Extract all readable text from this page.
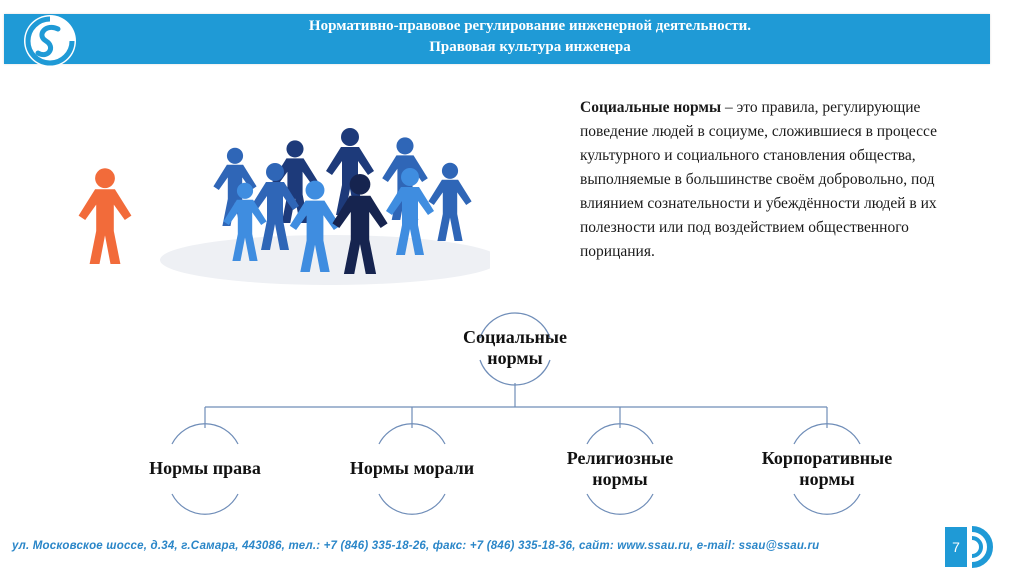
Нормативно-правовое регулирование инженерной деятельности.
Правовая культура инженера
Социальные нормы – это правила, регулирующие поведение людей в социуме, сложившиеся в процессе культурного и социального становления общества, выполняемые в большинстве своём добровольно, под влиянием сознательности и убеждённости людей в их полезности или под воздействием общественного порицания.
Социальные
нормы
Нормы права	Нормы морали	Религиозные
нормы
Корпоративные
нормы
ул. Московское шоссе, д.34, г.Самара, 443086, тел.: +7 (846) 335-18-26, факс: +7 (846) 335-18-36, сайт: www.ssau.ru, e-mail: ssau@ssau.ru	7
